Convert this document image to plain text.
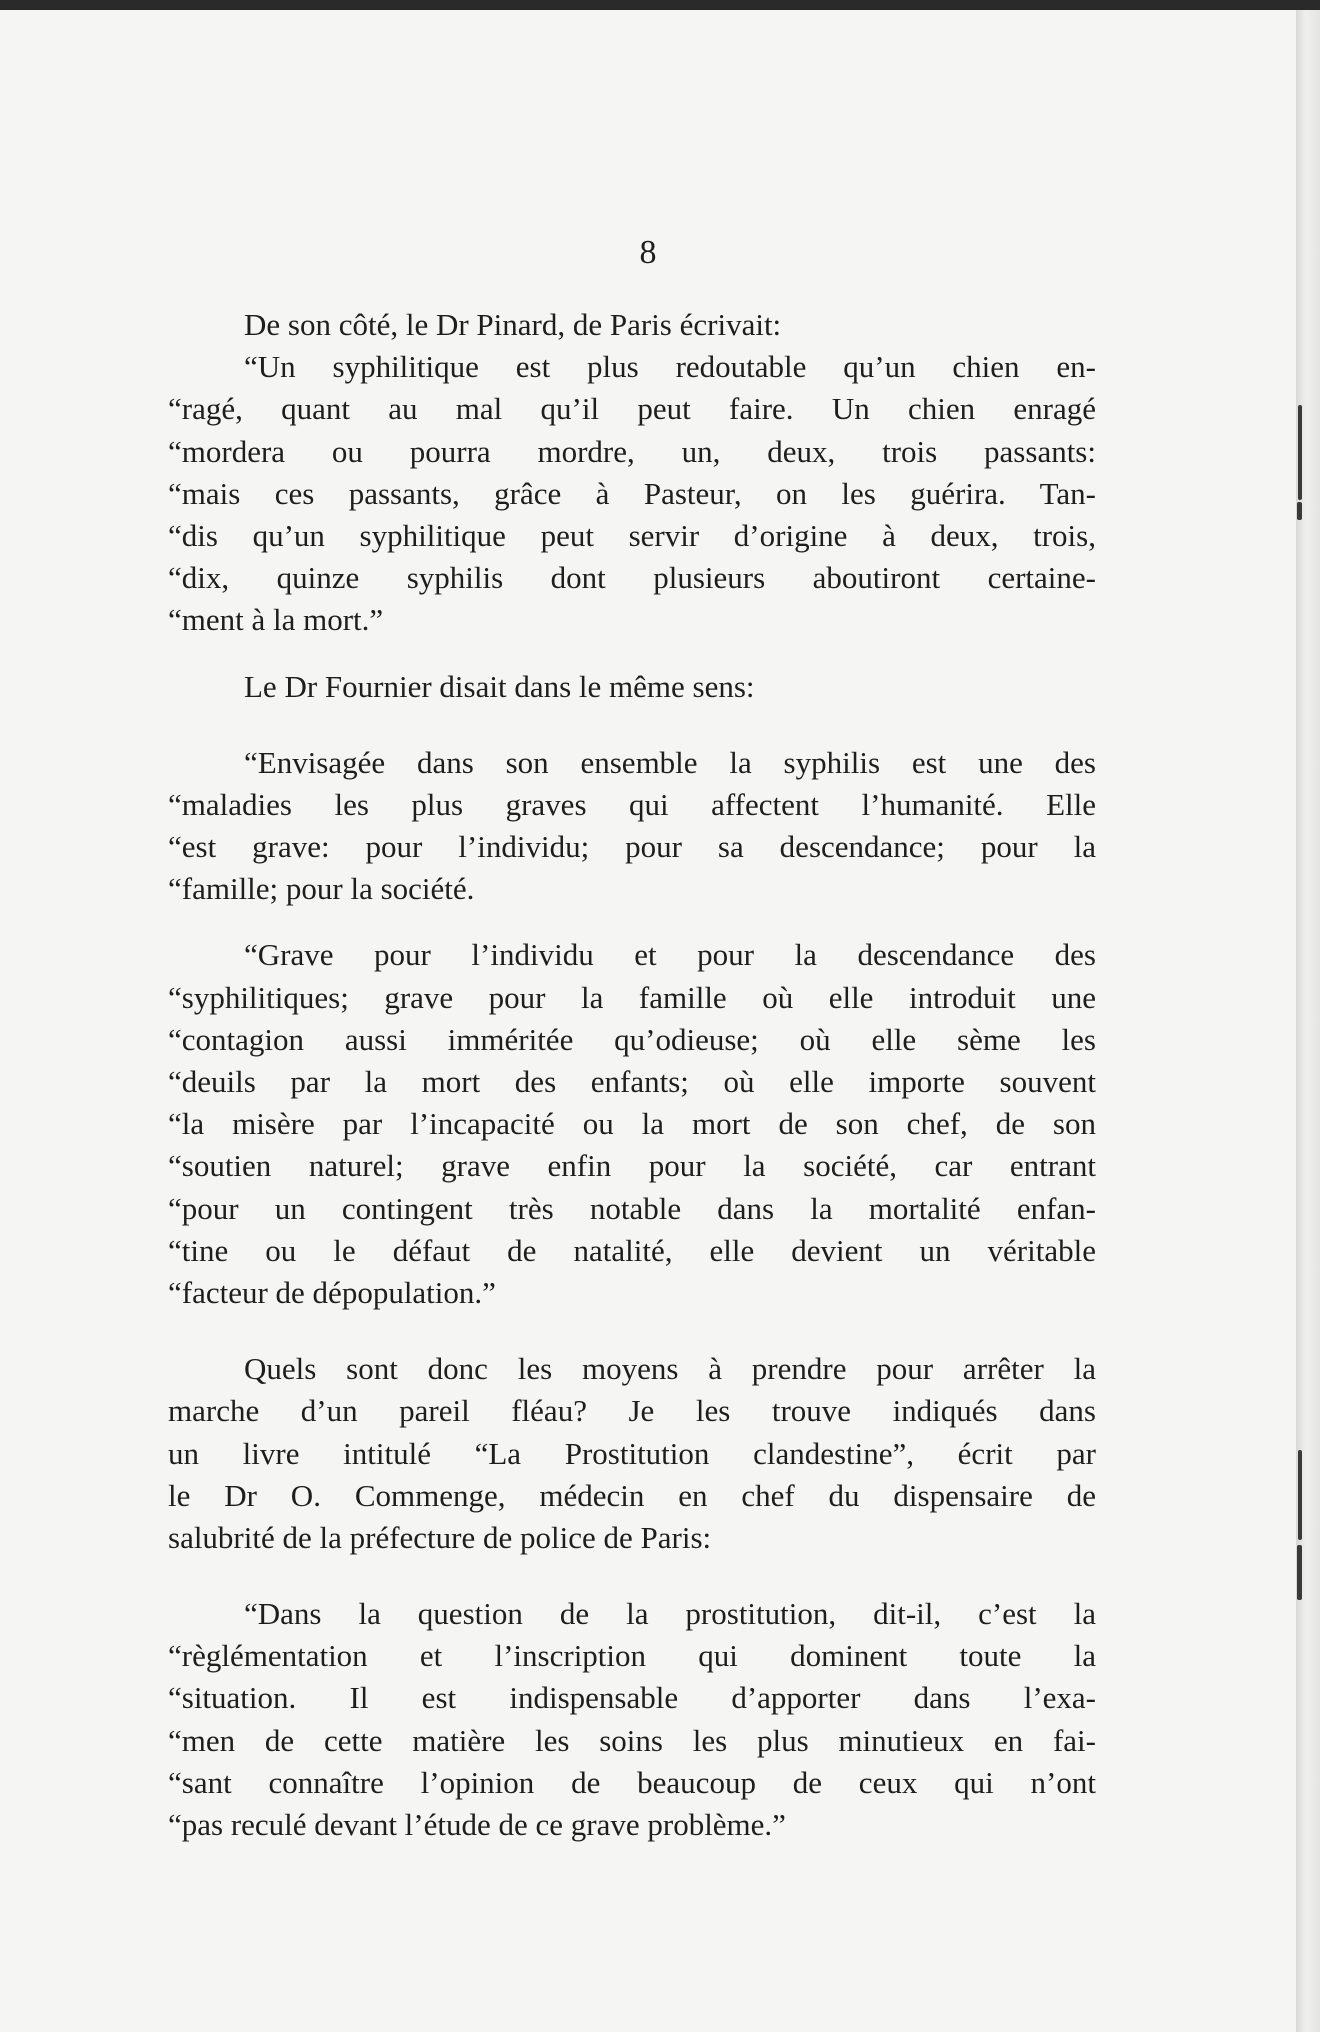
8
De son côté, le Dr Pinard, de Paris écrivait:
“Un syphilitique est plus redoutable qu’un chien en-
“ragé, quant au mal qu’il peut faire. Un chien enragé
“mordera ou pourra mordre, un, deux, trois passants:
“mais ces passants, grâce à Pasteur, on les guérira. Tan-
“dis qu’un syphilitique peut servir d’origine à deux, trois,
“dix, quinze syphilis dont plusieurs aboutiront certaine-
“ment à la mort.”
Le Dr Fournier disait dans le même sens:
“Envisagée dans son ensemble la syphilis est une des
“maladies les plus graves qui affectent l’humanité. Elle
“est grave: pour l’individu; pour sa descendance; pour la
“famille; pour la société.
“Grave pour l’individu et pour la descendance des
“syphilitiques; grave pour la famille où elle introduit une
“contagion aussi imméritée qu’odieuse; où elle sème les
“deuils par la mort des enfants; où elle importe souvent
“la misère par l’incapacité ou la mort de son chef, de son
“soutien naturel; grave enfin pour la société, car entrant
“pour un contingent très notable dans la mortalité enfan-
“tine ou le défaut de natalité, elle devient un véritable
“facteur de dépopulation.”
Quels sont donc les moyens à prendre pour arrêter la
marche d’un pareil fléau? Je les trouve indiqués dans
un livre intitulé “La Prostitution clandestine”, écrit par
le Dr O. Commenge, médecin en chef du dispensaire de
salubrité de la préfecture de police de Paris:
“Dans la question de la prostitution, dit-il, c’est la
“règlémentation et l’inscription qui dominent toute la
“situation. Il est indispensable d’apporter dans l’exa-
“men de cette matière les soins les plus minutieux en fai-
“sant connaître l’opinion de beaucoup de ceux qui n’ont
“pas reculé devant l’étude de ce grave problème.”
